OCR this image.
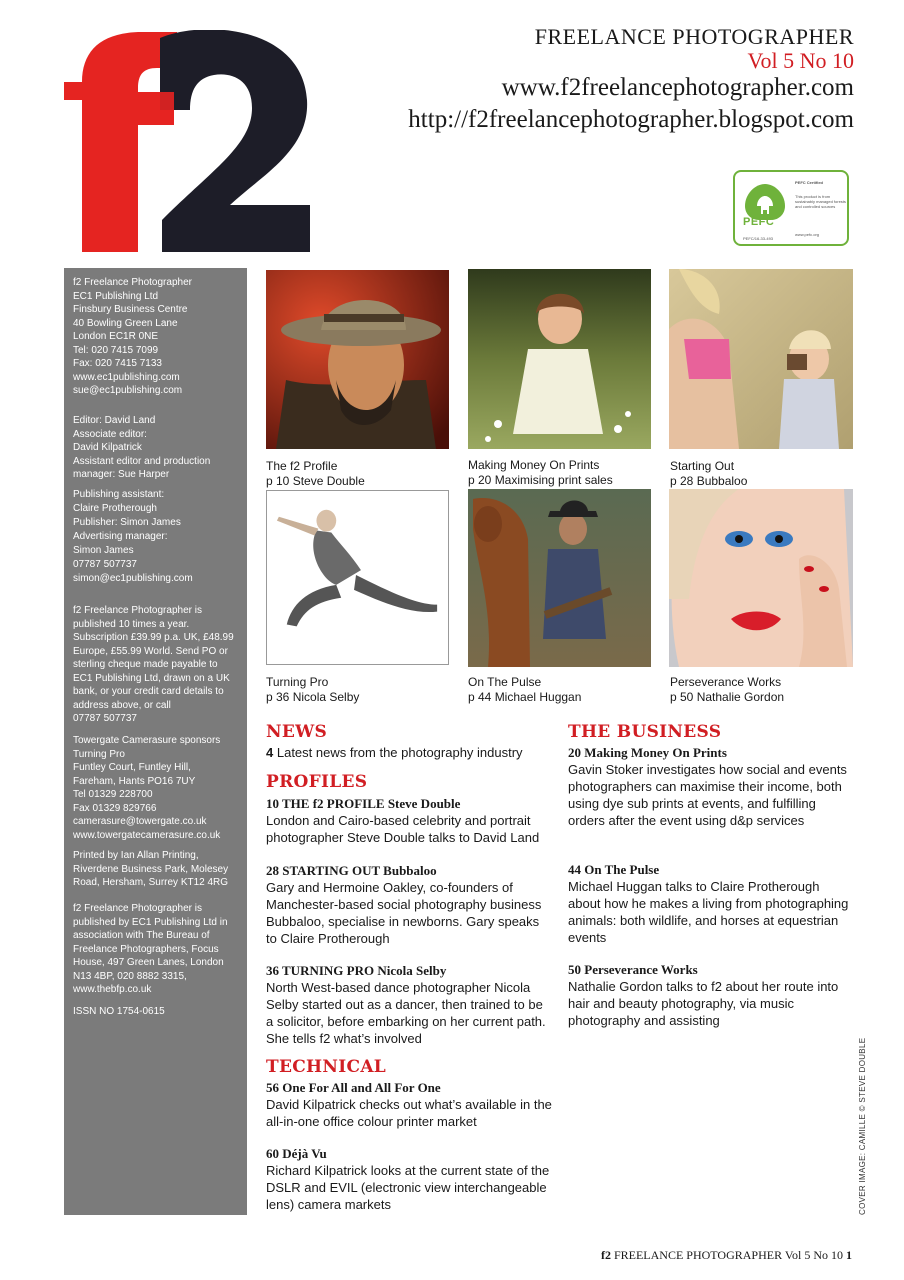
FREELANCE PHOTOGRAPHER
Vol 5 No 10
www.f2freelancephotographer.com
http://f2freelancephotographer.blogspot.com
PEFC
PEFC Certified
This product is from sustainably managed forests and controlled sources
PEFC/16-33-493
www.pefc.org
f2 Freelance Photographer
EC1 Publishing Ltd
Finsbury Business Centre
40 Bowling Green Lane
London EC1R 0NE
Tel: 020 7415 7099
Fax: 020 7415 7133
www.ec1publishing.com
sue@ec1publishing.com
Editor: David Land
Associate editor:
David Kilpatrick
Assistant editor and production
manager: Sue Harper
Publishing assistant:
Claire Protherough
Publisher: Simon James
Advertising manager:
Simon James
07787 507737
simon@ec1publishing.com
f2 Freelance Photographer is
published 10 times a year.
Subscription £39.99 p.a. UK, £48.99
Europe, £55.99 World. Send PO or
sterling cheque made payable to
EC1 Publishing Ltd, drawn on a UK
bank, or your credit card details to
address above, or call
07787 507737
Towergate Camerasure sponsors
Turning Pro
Funtley Court, Funtley Hill,
Fareham, Hants PO16 7UY
Tel 01329 228700
Fax 01329 829766
camerasure@towergate.co.uk
www.towergatecamerasure.co.uk
Printed by Ian Allan Printing,
Riverdene Business Park, Molesey
Road, Hersham, Surrey KT12 4RG
f2 Freelance Photographer is
published by EC1 Publishing Ltd in
association with The Bureau of
Freelance Photographers, Focus
House, 497 Green Lanes, London
N13 4BP, 020 8882 3315,
www.thebfp.co.uk
ISSN NO 1754-0615
The f2 Profile
p 10 Steve Double
Making Money On Prints
p 20 Maximising print sales
Starting Out
p 28 Bubbaloo
Turning Pro
p 36 Nicola Selby
On The Pulse
p 44 Michael Huggan
Perseverance Works
p 50 Nathalie Gordon
NEWS
4 Latest news from the photography industry
PROFILES
10 THE f2 PROFILE Steve Double
London and Cairo-based celebrity and portrait photographer Steve Double talks to David Land
28 STARTING OUT Bubbaloo
Gary and Hermoine Oakley, co-founders of Manchester-based social photography business Bubbaloo, specialise in newborns. Gary speaks to Claire Protherough
36 TURNING PRO Nicola Selby
North West-based dance photographer Nicola Selby started out as a dancer, then trained to be a solicitor, before embarking on her current path. She tells f2 what’s involved
TECHNICAL
56 One For All and All For One
David Kilpatrick checks out what’s available in the all-in-one office colour printer market
60 Déjà Vu
Richard Kilpatrick looks at the current state of the DSLR and EVIL (electronic view interchangeable lens) camera markets
THE BUSINESS
20 Making Money On Prints
Gavin Stoker investigates how social and events photographers can maximise their income, both using dye sub prints at events, and fulfilling orders after the event using d&p services
44 On The Pulse
Michael Huggan talks to Claire Protherough about how he makes a living from photographing animals: both wildlife, and horses at equestrian events
50 Perseverance Works
Nathalie Gordon talks to f2 about her route into hair and beauty photography, via music photography and assisting
COVER IMAGE: CAMILLE © STEVE DOUBLE
f2 FREELANCE PHOTOGRAPHER Vol 5 No 10 1
